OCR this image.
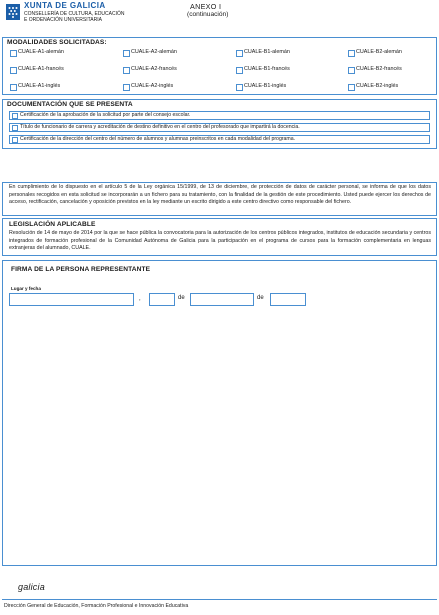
XUNTA DE GALICIA
CONSELLERÍA DE CULTURA, EDUCACIÓN
E ORDENACIÓN UNIVERSITARIA
ANEXO I
(continuación)
MODALIDADES SOLICITADAS:
CUALE-A1-alemán	CUALE-A2-alemán	CUALE-B1-alemán	CUALE-B2-alemán
CUALE-A1-francés	CUALE-A2-francés	CUALE-B1-francés	CUALE-B2-francés
CUALE-A1-inglés	CUALE-A2-inglés	CUALE-B1-inglés	CUALE-B2-inglés
DOCUMENTACIÓN QUE SE PRESENTA
Certificación de la aprobación de la solicitud por parte del consejo escolar.
Título de funcionario de carrera y acreditación de destino definitivo en el centro del profesorado que impartirá la docencia.
Certificación de la dirección del centro del número de alumnos y alumnas preinscritos en cada modalidad del programa.
En cumplimiento de lo dispuesto en el artículo 5 de la Ley orgánica 15/1999, de 13 de diciembre, de protección de datos de carácter personal, se informa de que los datos personales recogidos en esta solicitud se incorporarán a un fichero para su tratamiento, con la finalidad de la gestión de este procedimiento. Usted puede ejercer los derechos de acceso, rectificación, cancelación y oposición previstos en la ley mediante un escrito dirigido a este centro directivo como responsable del fichero.
LEGISLACIÓN APLICABLE
Resolución de 14 de mayo de 2014 por la que se hace pública la convocatoria para la autorización de los centros públicos integrados, institutos de educación secundaria y centros integrados de formación profesional de la Comunidad Autónoma de Galicia para la participación en el programa de cursos para la formación complementaria en lenguas extranjeras del alumnado, CUALE.
FIRMA DE LA PERSONA REPRESENTANTE
Lugar y fecha
,	de	de
galicia
Dirección General de Educación, Formación Profesional e Innovación Educativa
